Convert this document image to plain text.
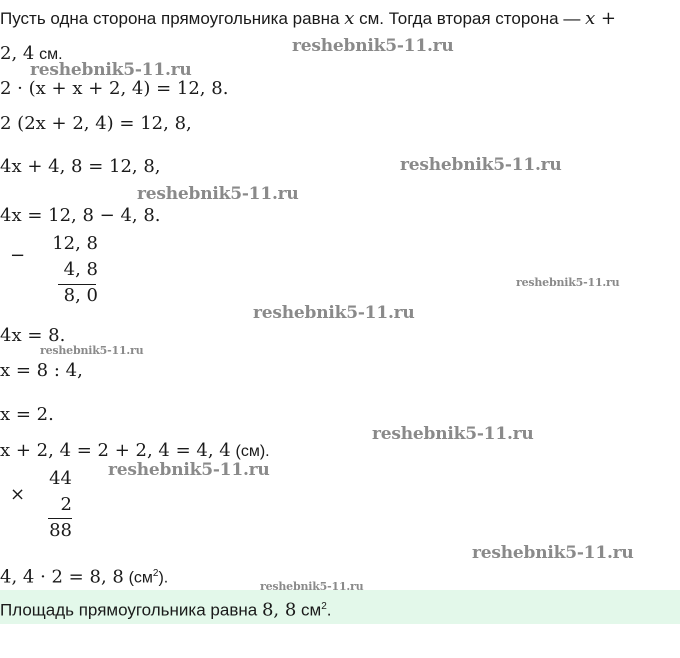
Пусть одна сторона прямоугольника равна x см. Тогда вторая сторона — x +
2, 4 см.
2 · (x + x + 2, 4) = 12, 8.
2 (2x + 2, 4) = 12, 8,
4x + 4, 8 = 12, 8,
4x = 12, 8 − 4, 8.
−
12, 8
4, 8
8, 0
4x = 8.
x = 8 : 4,
x = 2.
x + 2, 4 = 2 + 2, 4 = 4, 4 (см).
×
44
2
88
4, 4 · 2 = 8, 8 $(см^2)$.
Площадь прямоугольника равна 8, 8 $см^2$.
reshebnik5-11.ru
reshebnik5-11.ru
reshebnik5-11.ru
reshebnik5-11.ru
reshebnik5-11.ru
reshebnik5-11.ru
reshebnik5-11.ru
reshebnik5-11.ru
reshebnik5-11.ru
reshebnik5-11.ru
reshebnik5-11.ru
